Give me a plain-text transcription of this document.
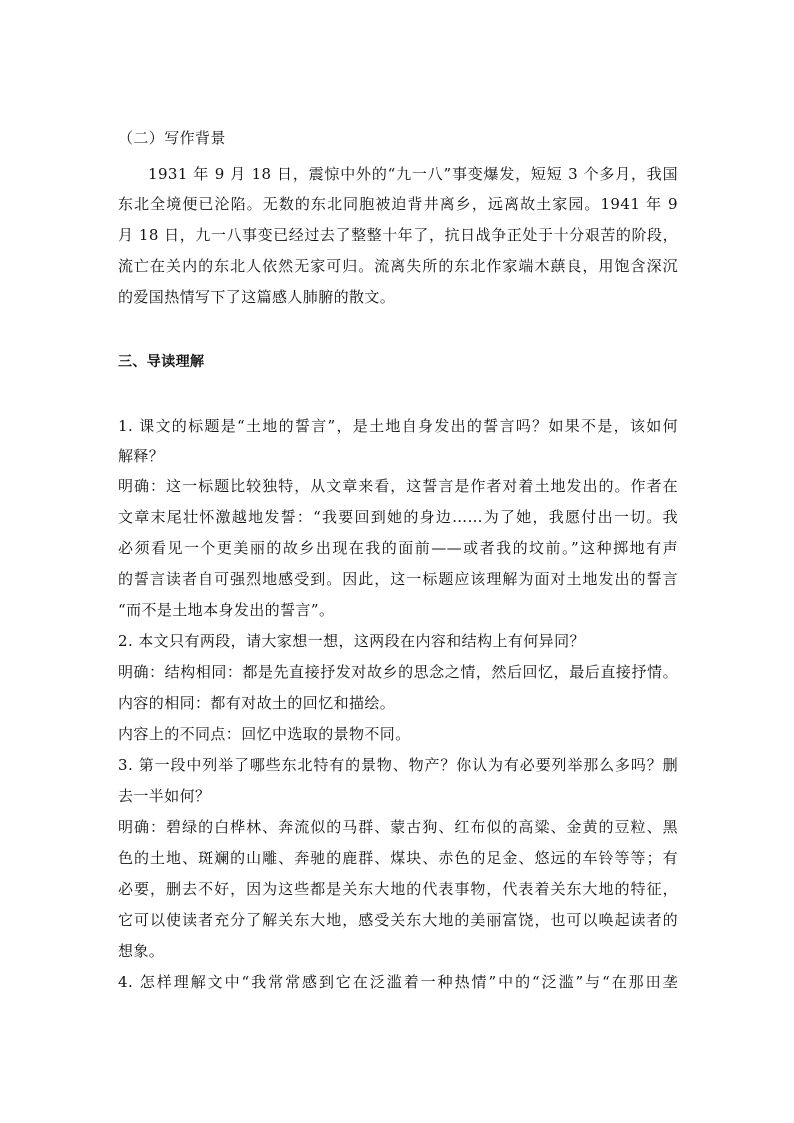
（二）写作背景
1931 年 9 月 18 日，震惊中外的“九一八”事变爆发，短短 3 个多月，我国
东北全境便已沦陷。无数的东北同胞被迫背井离乡，远离故土家园。1941 年 9
月 18 日，九一八事变已经过去了整整十年了，抗日战争正处于十分艰苦的阶段，
流亡在关内的东北人依然无家可归。流离失所的东北作家端木蕻良，用饱含深沉
的爱国热情写下了这篇感人肺腑的散文。
三、导读理解
1. 课文的标题是“土地的誓言”，是土地自身发出的誓言吗？如果不是，该如何
解释？
明确：这一标题比较独特，从文章来看，这誓言是作者对着土地发出的。作者在
文章末尾壮怀激越地发誓：“我要回到她的身边……为了她，我愿付出一切。我
必须看见一个更美丽的故乡出现在我的面前——或者我的坟前。”这种掷地有声
的誓言读者自可强烈地感受到。因此，这一标题应该理解为面对土地发出的誓言
“而不是土地本身发出的誓言”。
2. 本文只有两段，请大家想一想，这两段在内容和结构上有何异同？
明确：结构相同：都是先直接抒发对故乡的思念之情，然后回忆，最后直接抒情。
内容的相同：都有对故土的回忆和描绘。
内容上的不同点：回忆中选取的景物不同。
3. 第一段中列举了哪些东北特有的景物、物产？你认为有必要列举那么多吗？删
去一半如何？
明确：碧绿的白桦林、奔流似的马群、蒙古狗、红布似的高粱、金黄的豆粒、黑
色的土地、斑斓的山雕、奔驰的鹿群、煤块、赤色的足金、悠远的车铃等等；有
必要，删去不好，因为这些都是关东大地的代表事物，代表着关东大地的特征，
它可以使读者充分了解关东大地，感受关东大地的美丽富饶，也可以唤起读者的
想象。
4. 怎样理解文中“我常常感到它在泛滥着一种热情”中的“泛滥”与“在那田垄
